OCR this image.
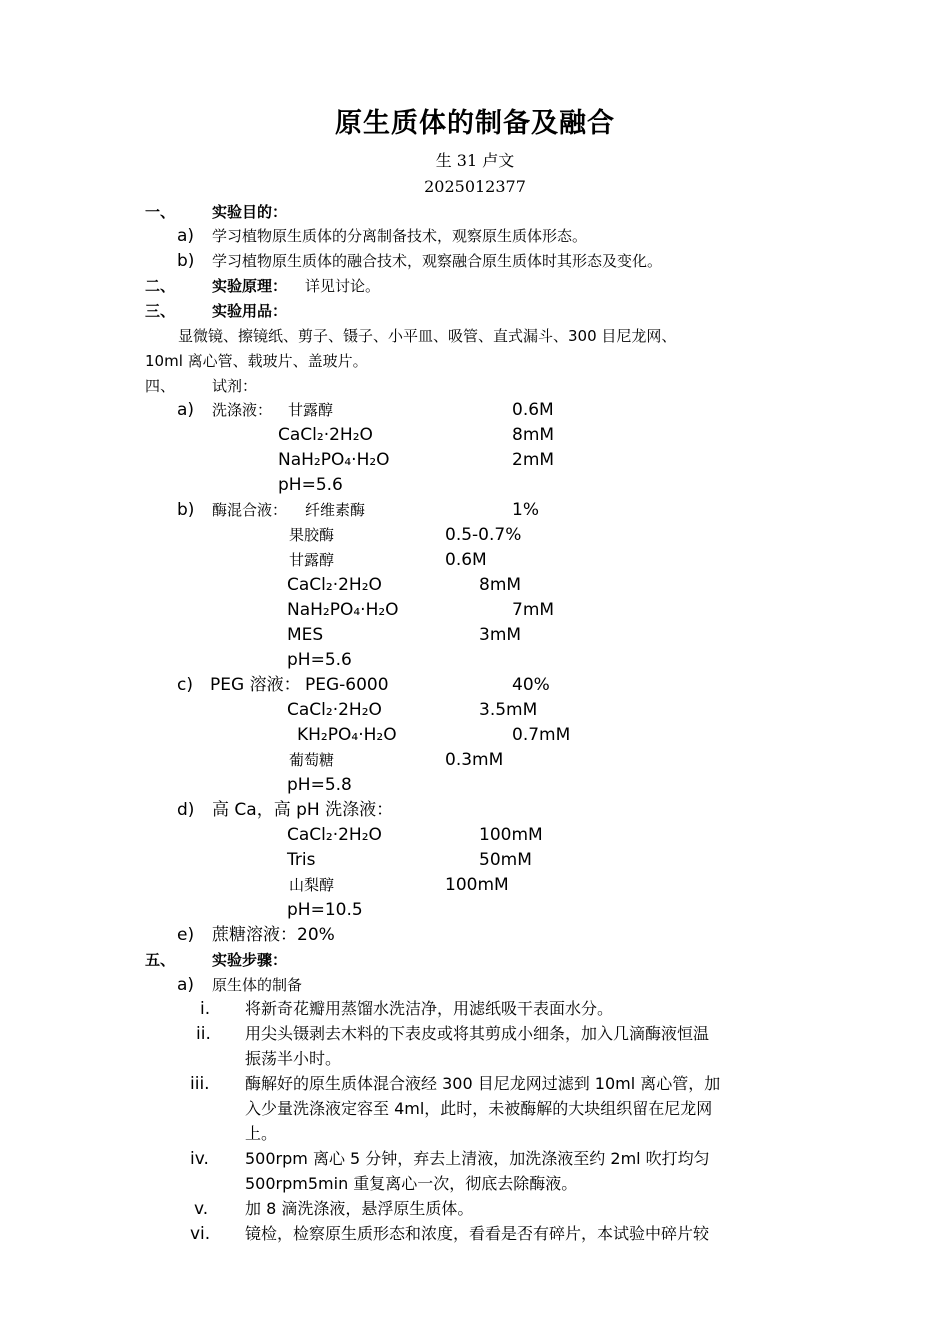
原生质体的制备及融合
生 31 卢文
2025012377
一、 实验目的：
a) 学习植物原生质体的分离制备技术，观察原生质体形态。
b) 学习植物原生质体的融合技术，观察融合原生质体时其形态及变化。
二、 实验原理： 详见讨论。
三、 实验用品：
显微镜、擦镜纸、剪子、镊子、小平皿、吸管、直式漏斗、300 目尼龙网、
10ml 离心管、载玻片、盖玻片。
四、 试剂：
a) 洗涤液： 甘露醇	0.6M
CaCl₂·2H₂O	8mM
NaH₂PO₄·H₂O	2mM
pH=5.6
b) 酶混合液： 纤维素酶	1%
果胶酶	0.5-0.7%
甘露醇	0.6M
CaCl₂·2H₂O	8mM
NaH₂PO₄·H₂O	7mM
MES	3mM
pH=5.6
c) PEG 溶液： PEG-6000	40%
CaCl₂·2H₂O	3.5mM
KH₂PO₄·H₂O	0.7mM
葡萄糖	0.3mM
pH=5.8
d) 高 Ca，高 pH 洗涤液：
CaCl₂·2H₂O	100mM
Tris	50mM
山梨醇	100mM
pH=10.5
e) 蔗糖溶液：20%
五、 实验步骤：
a) 原生体的制备
i. 将新奇花瓣用蒸馏水洗洁净，用滤纸吸干表面水分。
ii. 用尖头镊剥去木料的下表皮或将其剪成小细条，加入几滴酶液恒温
振荡半小时。
iii. 酶解好的原生质体混合液经 300 目尼龙网过滤到 10ml 离心管，加
入少量洗涤液定容至 4ml，此时，未被酶解的大块组织留在尼龙网
上。
iv. 500rpm 离心 5 分钟，弃去上清液，加洗涤液至约 2ml 吹打均匀
500rpm5min 重复离心一次，彻底去除酶液。
v. 加 8 滴洗涤液，悬浮原生质体。
vi. 镜检，检察原生质形态和浓度，看看是否有碎片，本试验中碎片较
